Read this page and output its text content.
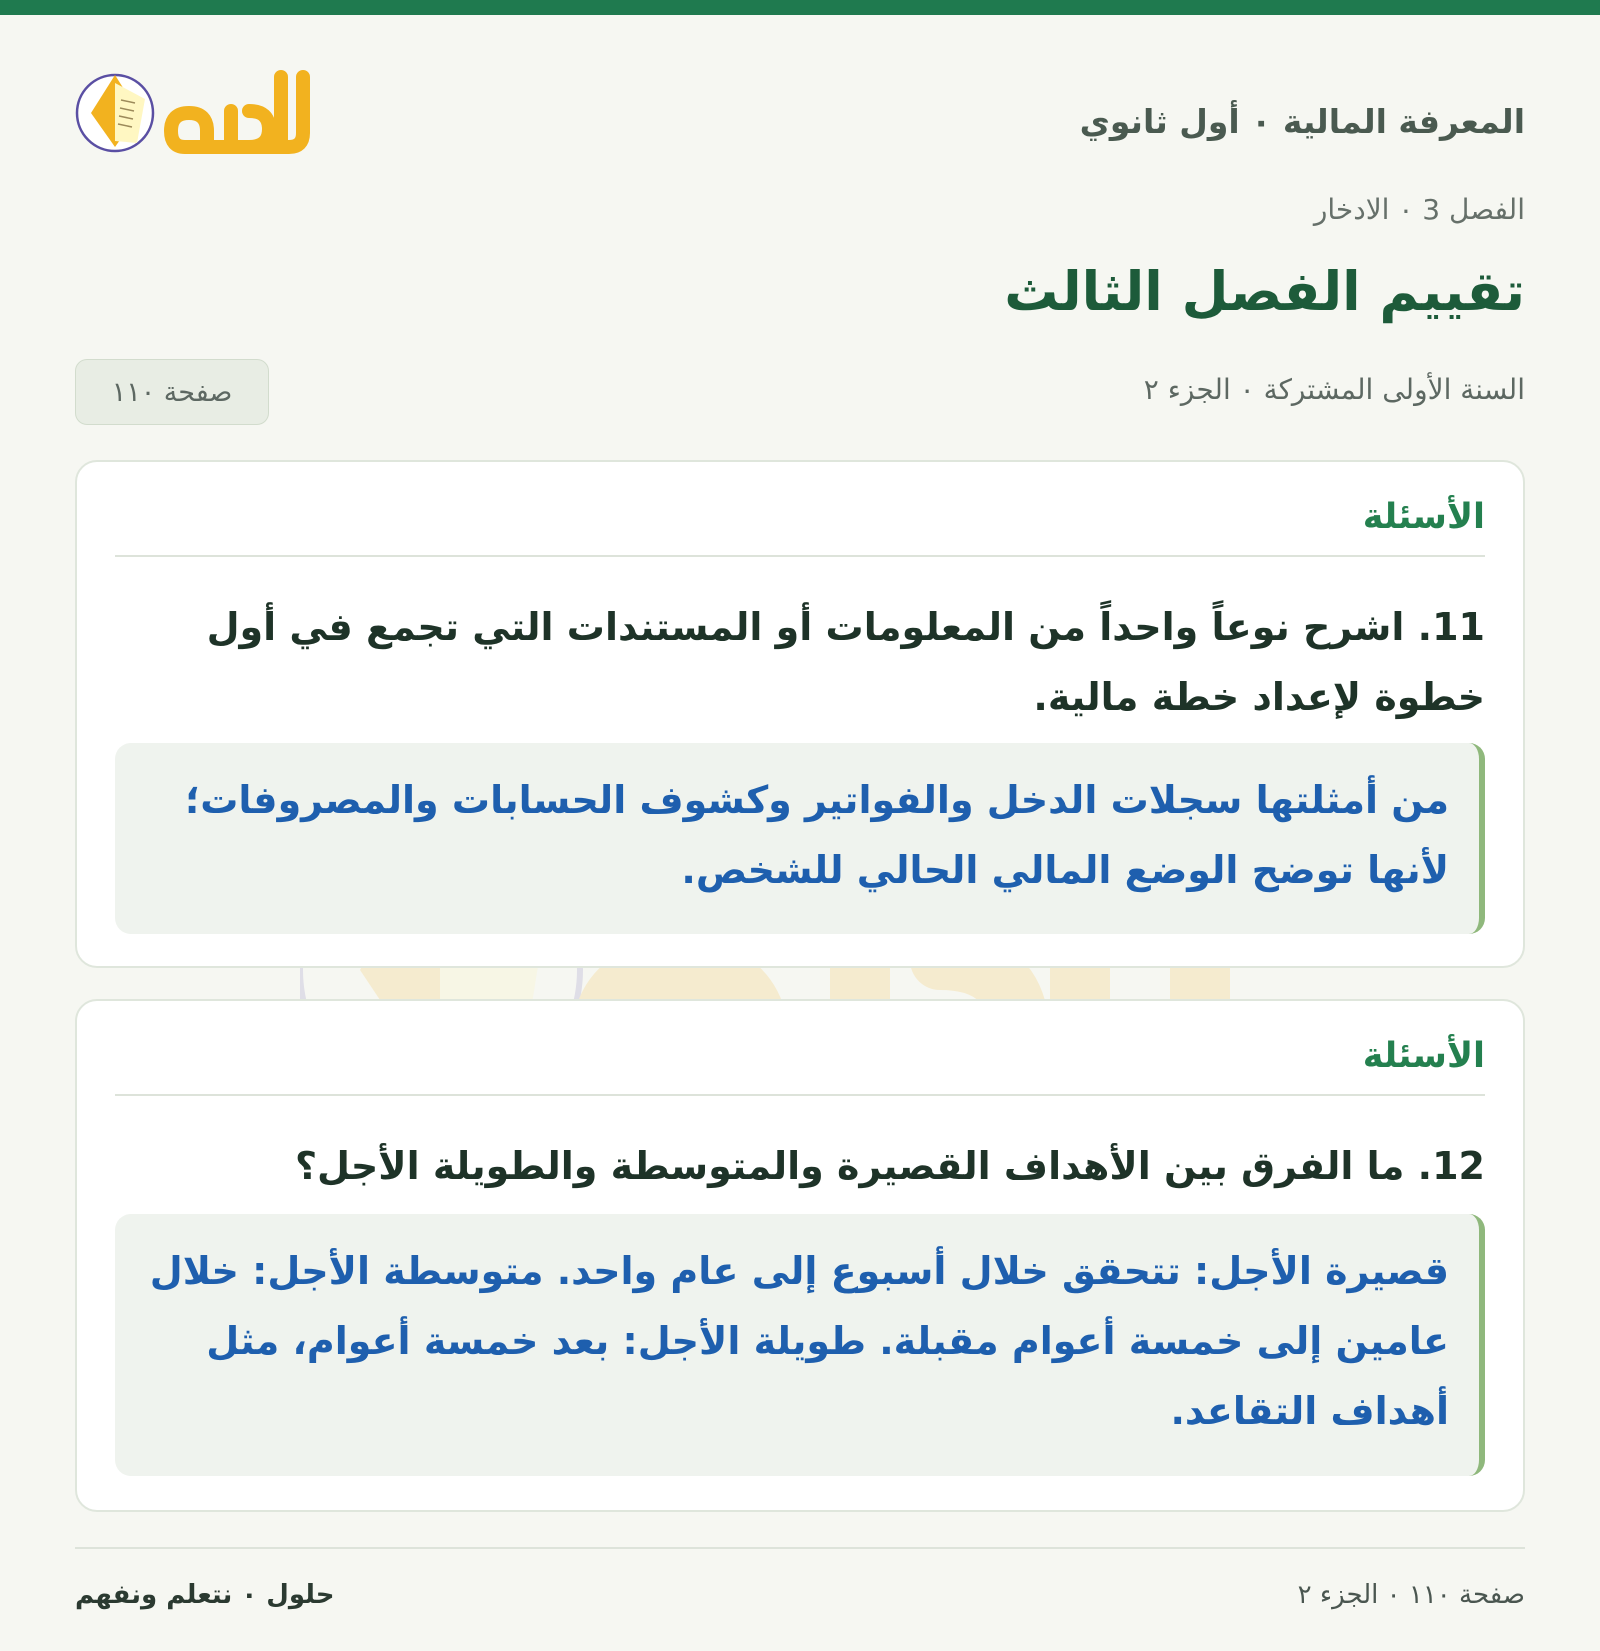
المعرفة المالية ٠ أول ثانوي
الفصل 3 ٠ الادخار
تقييم الفصل الثالث
السنة الأولى المشتركة ٠ الجزء ٢
صفحة ١١٠
الأسئلة
11. اشرح نوعاً واحداً من المعلومات أو المستندات التي تجمع في أول خطوة لإعداد خطة مالية.
من أمثلتها سجلات الدخل والفواتير وكشوف الحسابات والمصروفات؛ لأنها توضح الوضع المالي الحالي للشخص.
الأسئلة
12. ما الفرق بين الأهداف القصيرة والمتوسطة والطويلة الأجل؟
قصيرة الأجل: تتحقق خلال أسبوع إلى عام واحد. متوسطة الأجل: خلال عامين إلى خمسة أعوام مقبلة. طويلة الأجل: بعد خمسة أعوام، مثل أهداف التقاعد.
حلول ٠ نتعلم ونفهم	صفحة ١١٠ ٠ الجزء ٢
